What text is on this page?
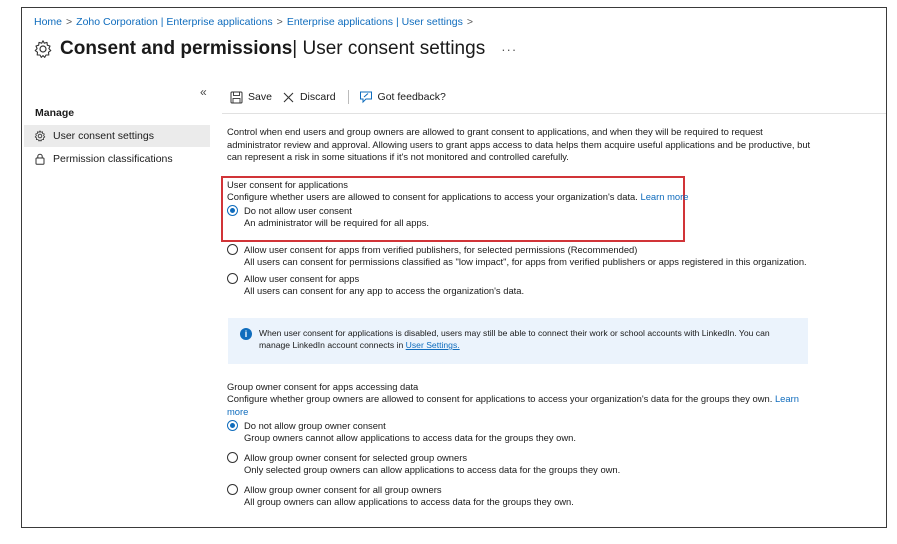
Home > Zoho Corporation | Enterprise applications > Enterprise applications | User settings >
Consent and permissions | User consent settings ···
«
Manage
User consent settings
Permission classifications
Save	Discard	Got feedback?
Control when end users and group owners are allowed to grant consent to applications, and when they will be required to request administrator review and approval. Allowing users to grant apps access to data helps them acquire useful applications and be productive, but can represent a risk in some situations if it's not monitored and controlled carefully.
User consent for applications
Configure whether users are allowed to consent for applications to access your organization's data. Learn more
Do not allow user consent
An administrator will be required for all apps.
Allow user consent for apps from verified publishers, for selected permissions (Recommended)
All users can consent for permissions classified as "low impact", for apps from verified publishers or apps registered in this organization.
Allow user consent for apps
All users can consent for any app to access the organization's data.
i	When user consent for applications is disabled, users may still be able to connect their work or school accounts with LinkedIn. You can manage LinkedIn account connects in User Settings.
Group owner consent for apps accessing data
Configure whether group owners are allowed to consent for applications to access your organization's data for the groups they own. Learn more
Do not allow group owner consent
Group owners cannot allow applications to access data for the groups they own.
Allow group owner consent for selected group owners
Only selected group owners can allow applications to access data for the groups they own.
Allow group owner consent for all group owners
All group owners can allow applications to access data for the groups they own.
